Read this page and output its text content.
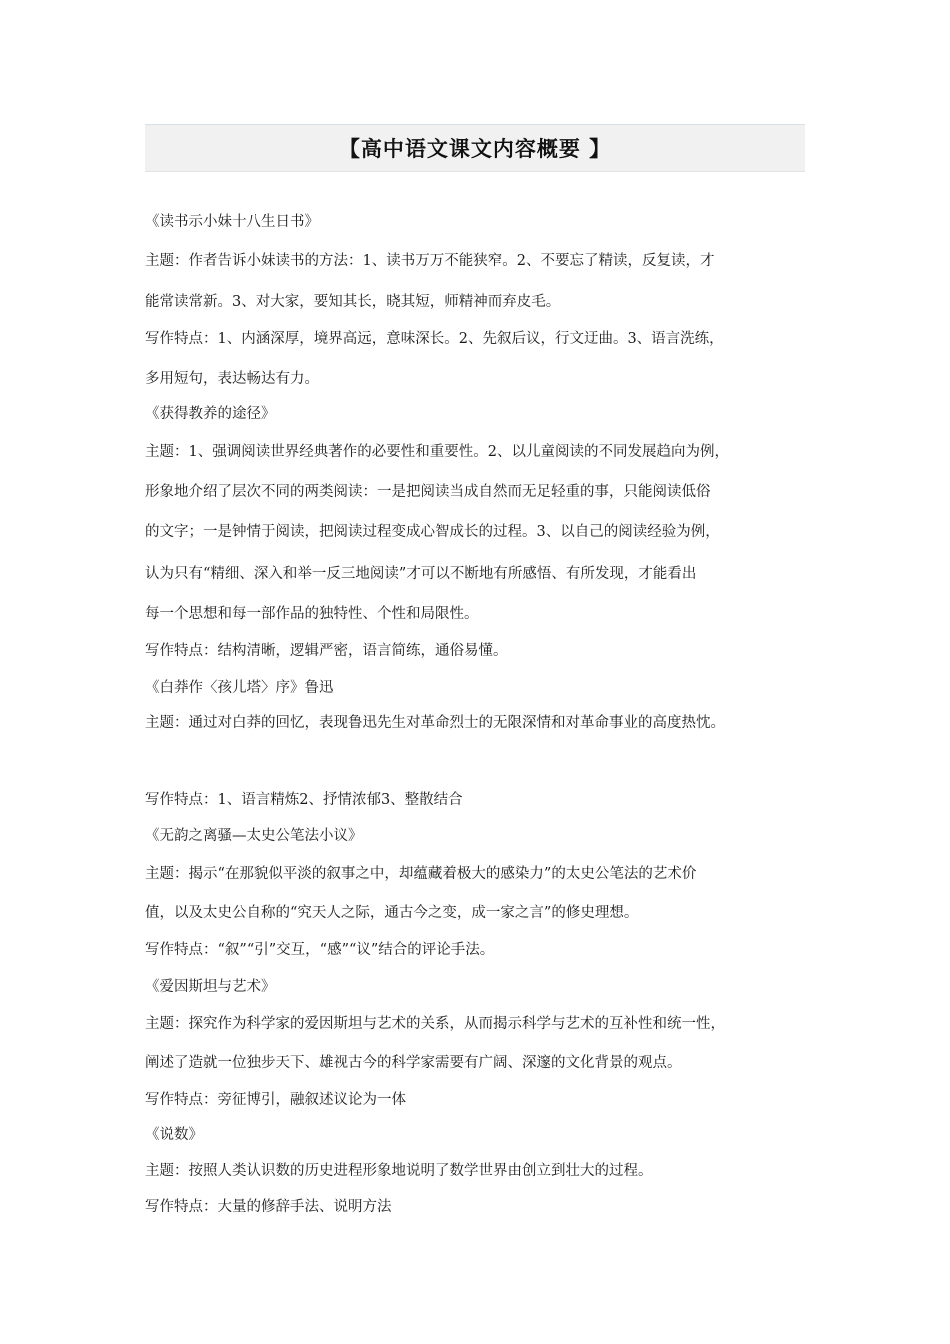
【高中语文课文内容概要 】
《读书示小妹十八生日书》
主题：作者告诉小妹读书的方法：1、读书万万不能狭窄。2、不要忘了精读，反复读，才
能常读常新。3、对大家，要知其长，晓其短，师精神而弃皮毛。
写作特点：1、内涵深厚，境界高远，意味深长。2、先叙后议，行文迂曲。3、语言洗练，
多用短句，表达畅达有力。
《获得教养的途径》
主题：1、强调阅读世界经典著作的必要性和重要性。2、以儿童阅读的不同发展趋向为例，
形象地介绍了层次不同的两类阅读：一是把阅读当成自然而无足轻重的事，只能阅读低俗
的文字；一是钟情于阅读，把阅读过程变成心智成长的过程。3、以自己的阅读经验为例，
认为只有“精细、深入和举一反三地阅读”才可以不断地有所感悟、有所发现，才能看出
每一个思想和每一部作品的独特性、个性和局限性。
写作特点：结构清晰，逻辑严密，语言简练，通俗易懂。
《白莽作〈孩儿塔〉序》鲁迅
主题：通过对白莽的回忆，表现鲁迅先生对革命烈士的无限深情和对革命事业的高度热忱。
写作特点：1、语言精炼2、抒情浓郁3、整散结合
《无韵之离骚—太史公笔法小议》
主题：揭示“在那貌似平淡的叙事之中，却蕴藏着极大的感染力”的太史公笔法的艺术价
值，以及太史公自称的“究天人之际，通古今之变，成一家之言”的修史理想。
写作特点：“叙”“引”交互，“感”“议”结合的评论手法。
《爱因斯坦与艺术》
主题：探究作为科学家的爱因斯坦与艺术的关系，从而揭示科学与艺术的互补性和统一性，
阐述了造就一位独步天下、雄视古今的科学家需要有广阔、深邃的文化背景的观点。
写作特点：旁征博引，融叙述议论为一体
《说数》
主题：按照人类认识数的历史进程形象地说明了数学世界由创立到壮大的过程。
写作特点：大量的修辞手法、说明方法
